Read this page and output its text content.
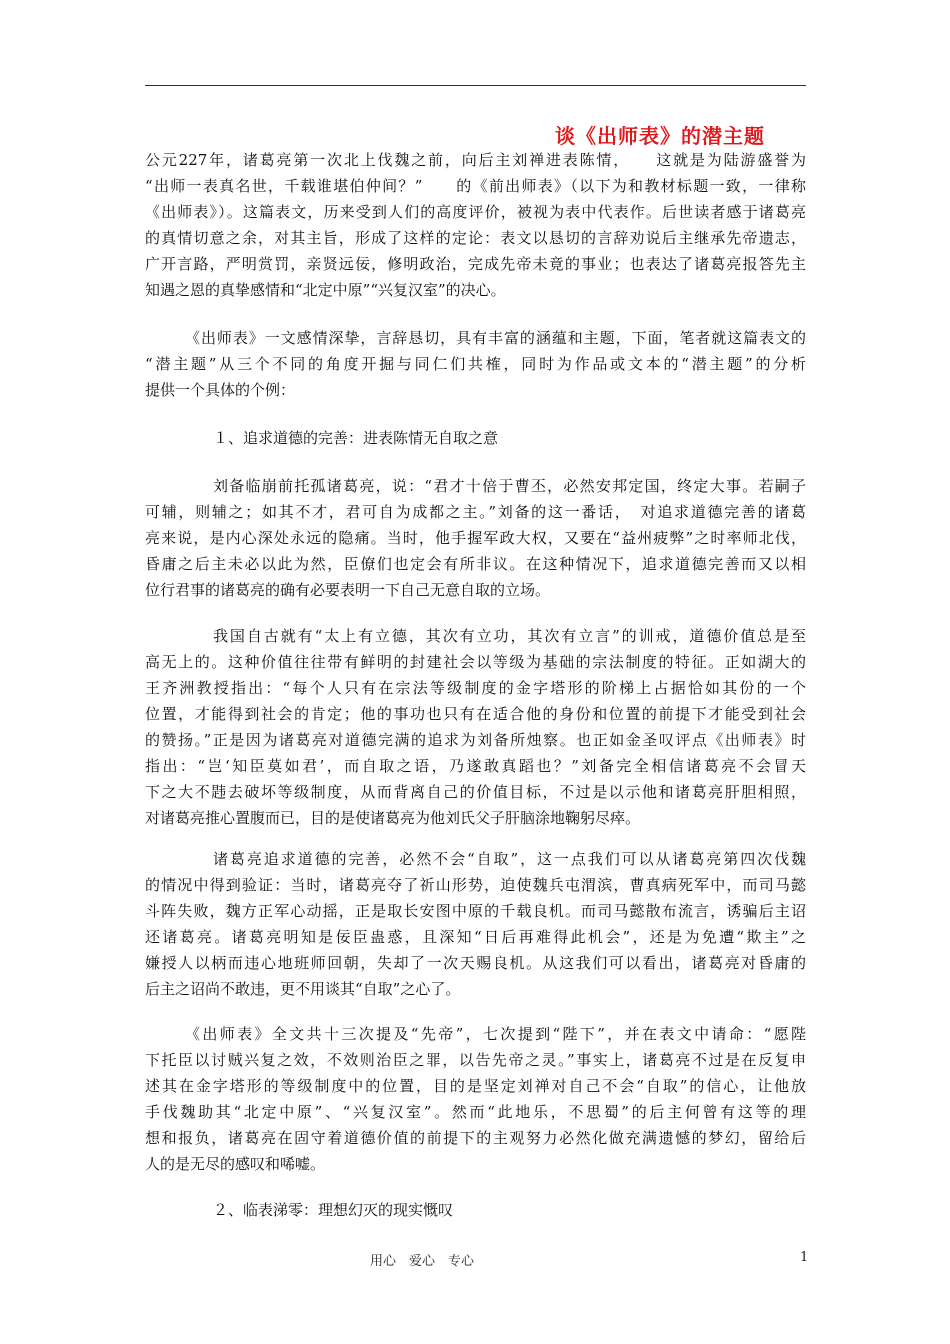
谈《出师表》的潜主题
公元227年，诸葛亮第一次北上伐魏之前，向后主刘禅进表陈情，　　这就是为陆游盛誉为
“出师一表真名世，千载谁堪伯仲间？”　　的《前出师表》（以下为和教材标题一致，一律称
《出师表》）。这篇表文，历来受到人们的高度评价，被视为表中代表作。后世读者感于诸葛亮
的真情切意之余，对其主旨，形成了这样的定论：表文以恳切的言辞劝说后主继承先帝遗志，
广开言路，严明赏罚，亲贤远佞，修明政治，完成先帝未竟的事业；也表达了诸葛亮报答先主
知遇之恩的真挚感情和“北定中原”“兴复汉室”的决心。
《出师表》一文感情深挚，言辞恳切，具有丰富的涵蕴和主题，下面，笔者就这篇表文的
“潜主题”从三个不同的角度开掘与同仁们共榷，同时为作品或文本的“潜主题”的分析
提供一个具体的个例：
１、追求道德的完善：进表陈情无自取之意
刘备临崩前托孤诸葛亮，说：“君才十倍于曹丕，必然安邦定国，终定大事。若嗣子
可辅，则辅之；如其不才，君可自为成都之主。”刘备的这一番话，　对追求道德完善的诸葛
亮来说，是内心深处永远的隐痛。当时，他手握军政大权，又要在“益州疲弊”之时率师北伐，
昏庸之后主未必以此为然，臣僚们也定会有所非议。在这种情况下，追求道德完善而又以相
位行君事的诸葛亮的确有必要表明一下自己无意自取的立场。
我国自古就有“太上有立德，其次有立功，其次有立言”的训戒，道德价值总是至
高无上的。这种价值往往带有鲜明的封建社会以等级为基础的宗法制度的特征。正如湖大的
王齐洲教授指出：“每个人只有在宗法等级制度的金字塔形的阶梯上占据恰如其份的一个
位置，才能得到社会的肯定；他的事功也只有在适合他的身份和位置的前提下才能受到社会
的赞扬。”正是因为诸葛亮对道德完满的追求为刘备所烛察。也正如金圣叹评点《出师表》时
指出：“岂‘知臣莫如君’，而自取之语，乃遂敢真蹈也？”刘备完全相信诸葛亮不会冒天
下之大不韪去破坏等级制度，从而背离自己的价值目标，不过是以示他和诸葛亮肝胆相照，
对诸葛亮推心置腹而已，目的是使诸葛亮为他刘氏父子肝脑涂地鞠躬尽瘁。
诸葛亮追求道德的完善，必然不会“自取”，这一点我们可以从诸葛亮第四次伐魏
的情况中得到验证：当时，诸葛亮夺了祈山形势，迫使魏兵屯渭滨，曹真病死军中，而司马懿
斗阵失败，魏方正军心动摇，正是取长安图中原的千载良机。而司马懿散布流言，诱骗后主诏
还诸葛亮。诸葛亮明知是佞臣蛊惑，且深知“日后再难得此机会”，还是为免遭“欺主”之
嫌授人以柄而违心地班师回朝，失却了一次天赐良机。从这我们可以看出，诸葛亮对昏庸的
后主之诏尚不敢违，更不用谈其“自取”之心了。
《出师表》全文共十三次提及“先帝”，七次提到“陛下”，并在表文中请命：“愿陛
下托臣以讨贼兴复之效，不效则治臣之罪，以告先帝之灵。”事实上，诸葛亮不过是在反复申
述其在金字塔形的等级制度中的位置，目的是坚定刘禅对自己不会“自取”的信心，让他放
手伐魏助其“北定中原”、“兴复汉室”。然而“此地乐，不思蜀”的后主何曾有这等的理
想和报负，诸葛亮在固守着道德价值的前提下的主观努力必然化做充满遗憾的梦幻，留给后
人的是无尽的感叹和唏嘘。
２、临表涕零：理想幻灭的现实慨叹
用心　爱心　专心	1
